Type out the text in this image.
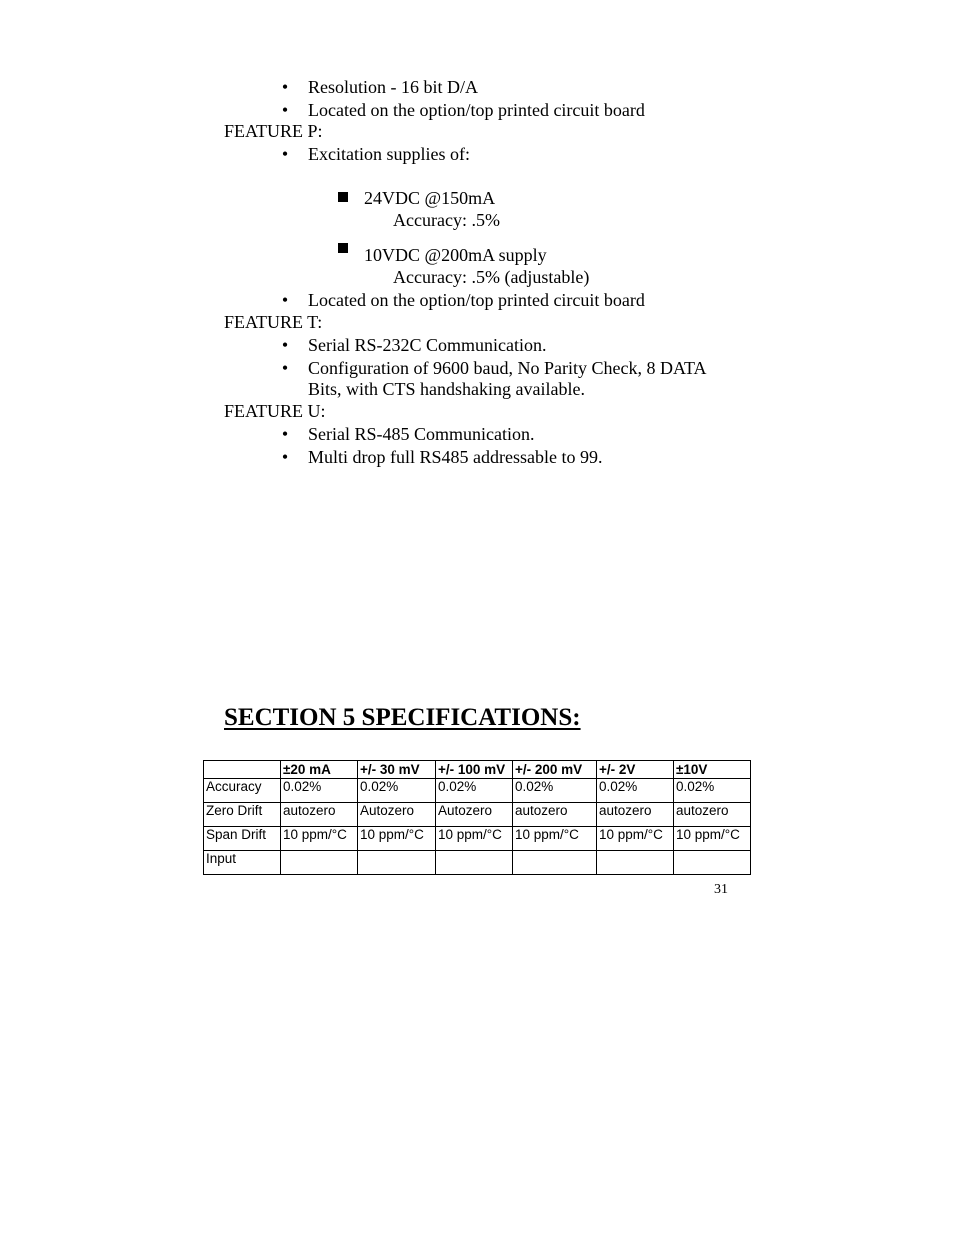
• Resolution - 16 bit D/A
• Located on the option/top printed circuit board
FEATURE P:
• Excitation supplies of:
24VDC @150mA
Accuracy: .5%
10VDC @200mA supply
Accuracy: .5% (adjustable)
• Located on the option/top printed circuit board
FEATURE T:
• Serial RS-232C Communication.
• Configuration of 9600 baud, No Parity Check, 8 DATA
Bits, with CTS handshaking available.
FEATURE U:
• Serial RS-485 Communication.
• Multi drop full RS485 addressable to 99.
SECTION 5 SPECIFICATIONS:
	±20 mA	+/- 30 mV	+/- 100 mV	+/- 200 mV	+/- 2V	±10V
Accuracy	0.02%	0.02%	0.02%	0.02%	0.02%	0.02%
Zero Drift	autozero	Autozero	Autozero	autozero	autozero	autozero
Span Drift	10 ppm/°C	10 ppm/°C	10 ppm/°C	10 ppm/°C	10 ppm/°C	10 ppm/°C
Input						
31
